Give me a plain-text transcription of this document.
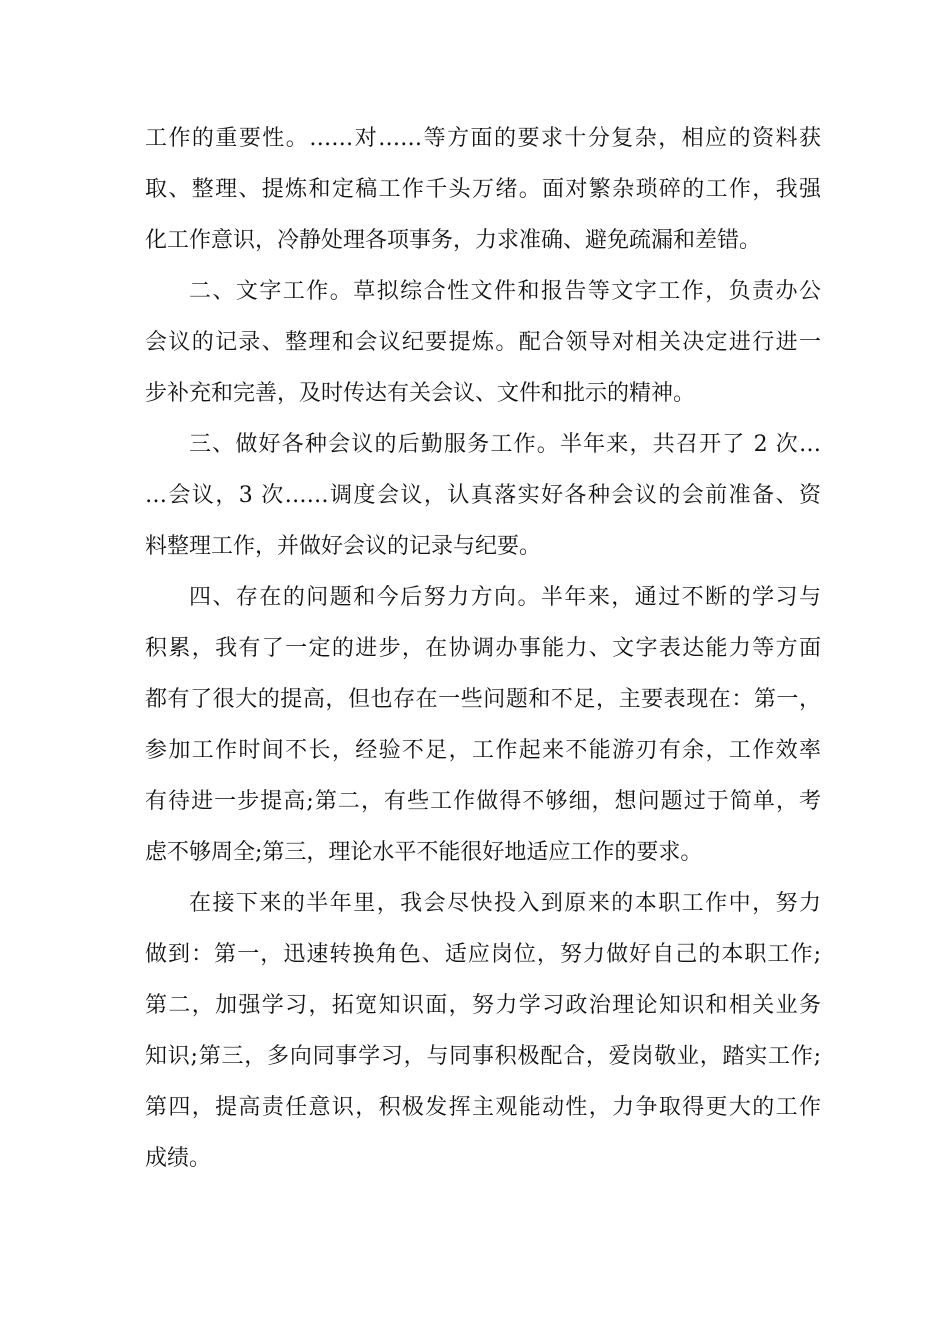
工作的重要性。……对……等方面的要求十分复杂，相应的资料获
取、整理、提炼和定稿工作千头万绪。面对繁杂琐碎的工作，我强
化工作意识，冷静处理各项事务，力求准确、避免疏漏和差错。
二、文字工作。草拟综合性文件和报告等文字工作，负责办公
会议的记录、整理和会议纪要提炼。配合领导对相关决定进行进一
步补充和完善，及时传达有关会议、文件和批示的精神。
三、做好各种会议的后勤服务工作。半年来，共召开了 2 次…
…会议，3 次……调度会议，认真落实好各种会议的会前准备、资
料整理工作，并做好会议的记录与纪要。
四、存在的问题和今后努力方向。半年来，通过不断的学习与
积累，我有了一定的进步，在协调办事能力、文字表达能力等方面
都有了很大的提高，但也存在一些问题和不足，主要表现在：第一，
参加工作时间不长，经验不足，工作起来不能游刃有余，工作效率
有待进一步提高;第二，有些工作做得不够细，想问题过于简单，考
虑不够周全;第三，理论水平不能很好地适应工作的要求。
在接下来的半年里，我会尽快投入到原来的本职工作中，努力
做到：第一，迅速转换角色、适应岗位，努力做好自己的本职工作;
第二，加强学习，拓宽知识面，努力学习政治理论知识和相关业务
知识;第三，多向同事学习，与同事积极配合，爱岗敬业，踏实工作;
第四，提高责任意识，积极发挥主观能动性，力争取得更大的工作
成绩。
